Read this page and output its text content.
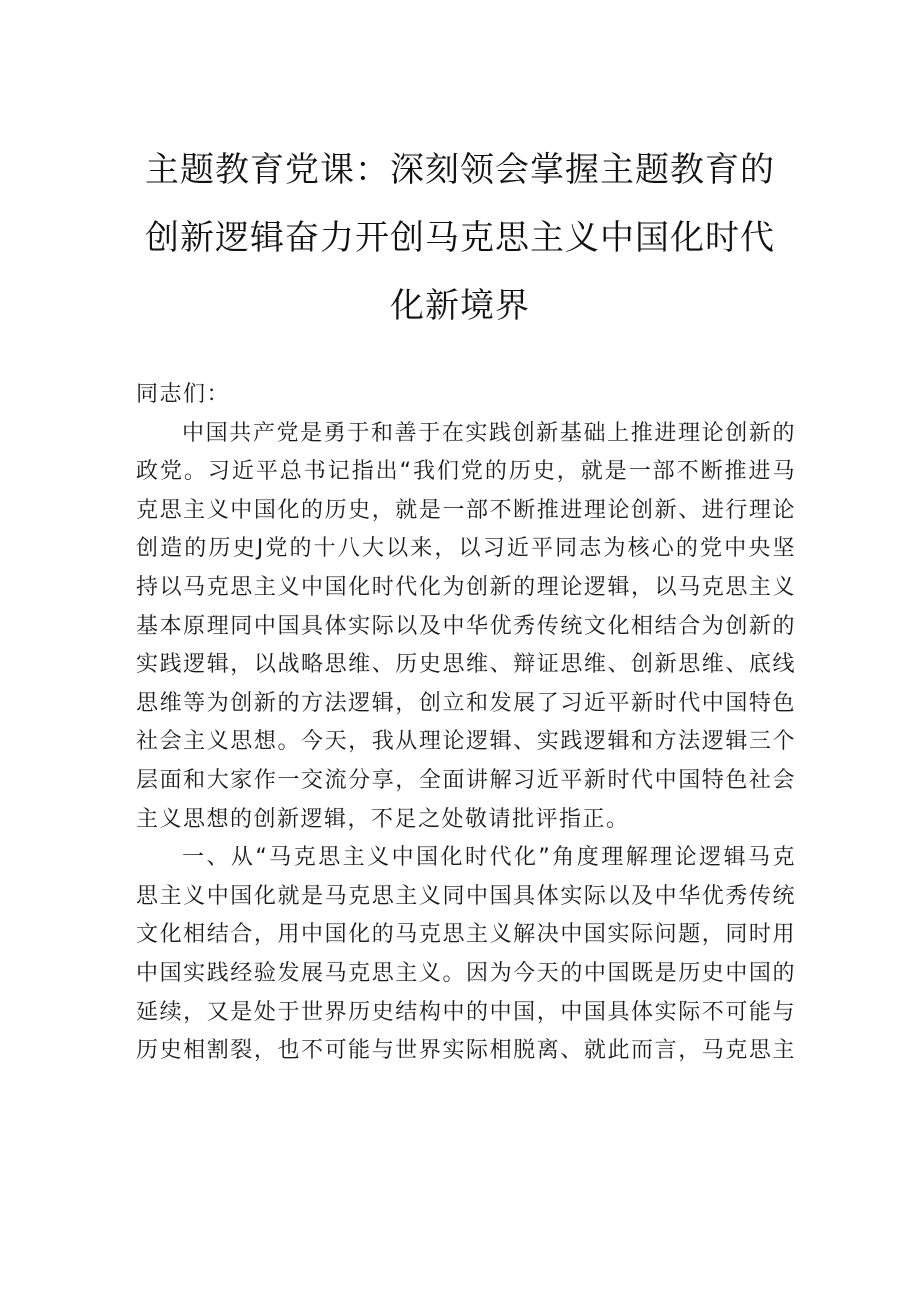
主题教育党课：深刻领会掌握主题教育的
创新逻辑奋力开创马克思主义中国化时代
化新境界
同志们：
中国共产党是勇于和善于在实践创新基础上推进理论创新的
政党。习近平总书记指出“我们党的历史，就是一部不断推进马
克思主义中国化的历史，就是一部不断推进理论创新、进行理论
创造的历史J党的十八大以来，以习近平同志为核心的党中央坚
持以马克思主义中国化时代化为创新的理论逻辑，以马克思主义
基本原理同中国具体实际以及中华优秀传统文化相结合为创新的
实践逻辑，以战略思维、历史思维、辩证思维、创新思维、底线
思维等为创新的方法逻辑，创立和发展了习近平新时代中国特色
社会主义思想。今天，我从理论逻辑、实践逻辑和方法逻辑三个
层面和大家作一交流分享，全面讲解习近平新时代中国特色社会
主义思想的创新逻辑，不足之处敬请批评指正。
一、从“马克思主义中国化时代化”角度理解理论逻辑马克
思主义中国化就是马克思主义同中国具体实际以及中华优秀传统
文化相结合，用中国化的马克思主义解决中国实际问题，同时用
中国实践经验发展马克思主义。因为今天的中国既是历史中国的
延续，又是处于世界历史结构中的中国，中国具体实际不可能与
历史相割裂，也不可能与世界实际相脱离、就此而言，马克思主
